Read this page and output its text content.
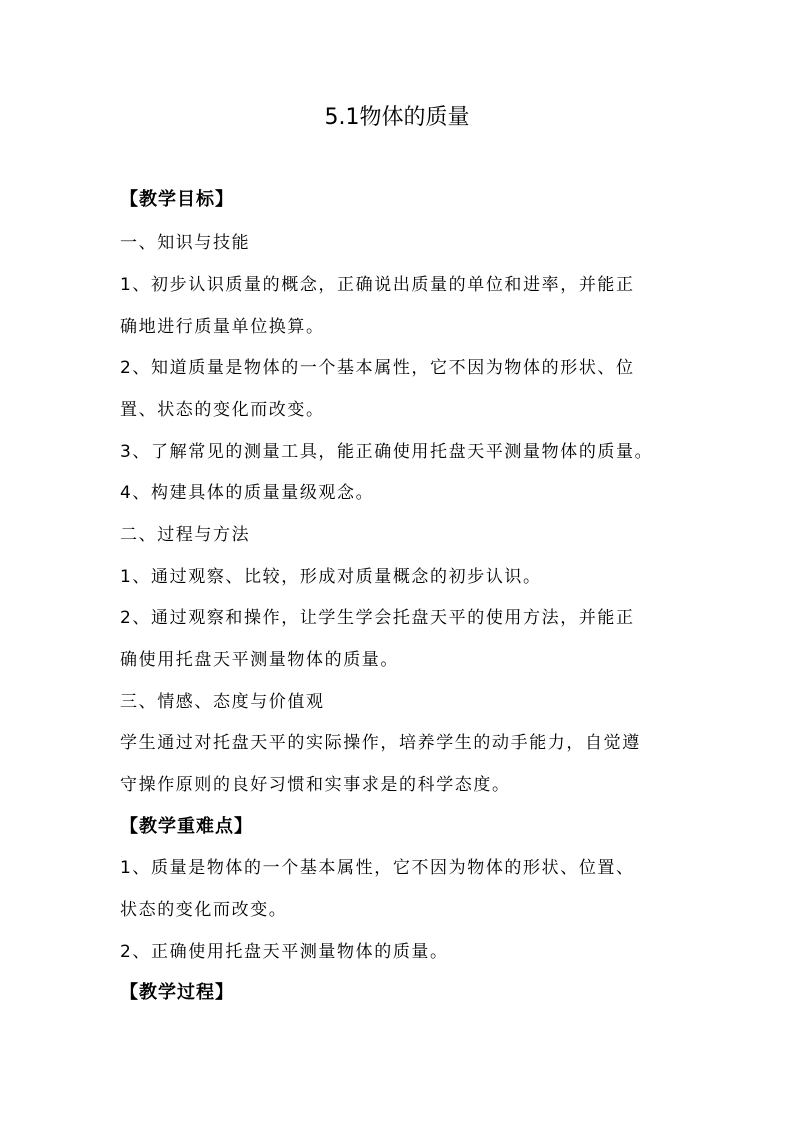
5.1物体的质量

【教学目标】

一、知识与技能

1、初步认识质量的概念，正确说出质量的单位和进率，并能正

确地进行质量单位换算。

2、知道质量是物体的一个基本属性，它不因为物体的形状、位

置、状态的变化而改变。

3、了解常见的测量工具，能正确使用托盘天平测量物体的质量。

4、构建具体的质量量级观念。

二、过程与方法

1、通过观察、比较，形成对质量概念的初步认识。

2、通过观察和操作，让学生学会托盘天平的使用方法，并能正

确使用托盘天平测量物体的质量。

三、情感、态度与价值观

学生通过对托盘天平的实际操作，培养学生的动手能力，自觉遵

守操作原则的良好习惯和实事求是的科学态度。

【教学重难点】

1、质量是物体的一个基本属性，它不因为物体的形状、位置、

状态的变化而改变。

2、正确使用托盘天平测量物体的质量。

【教学过程】
